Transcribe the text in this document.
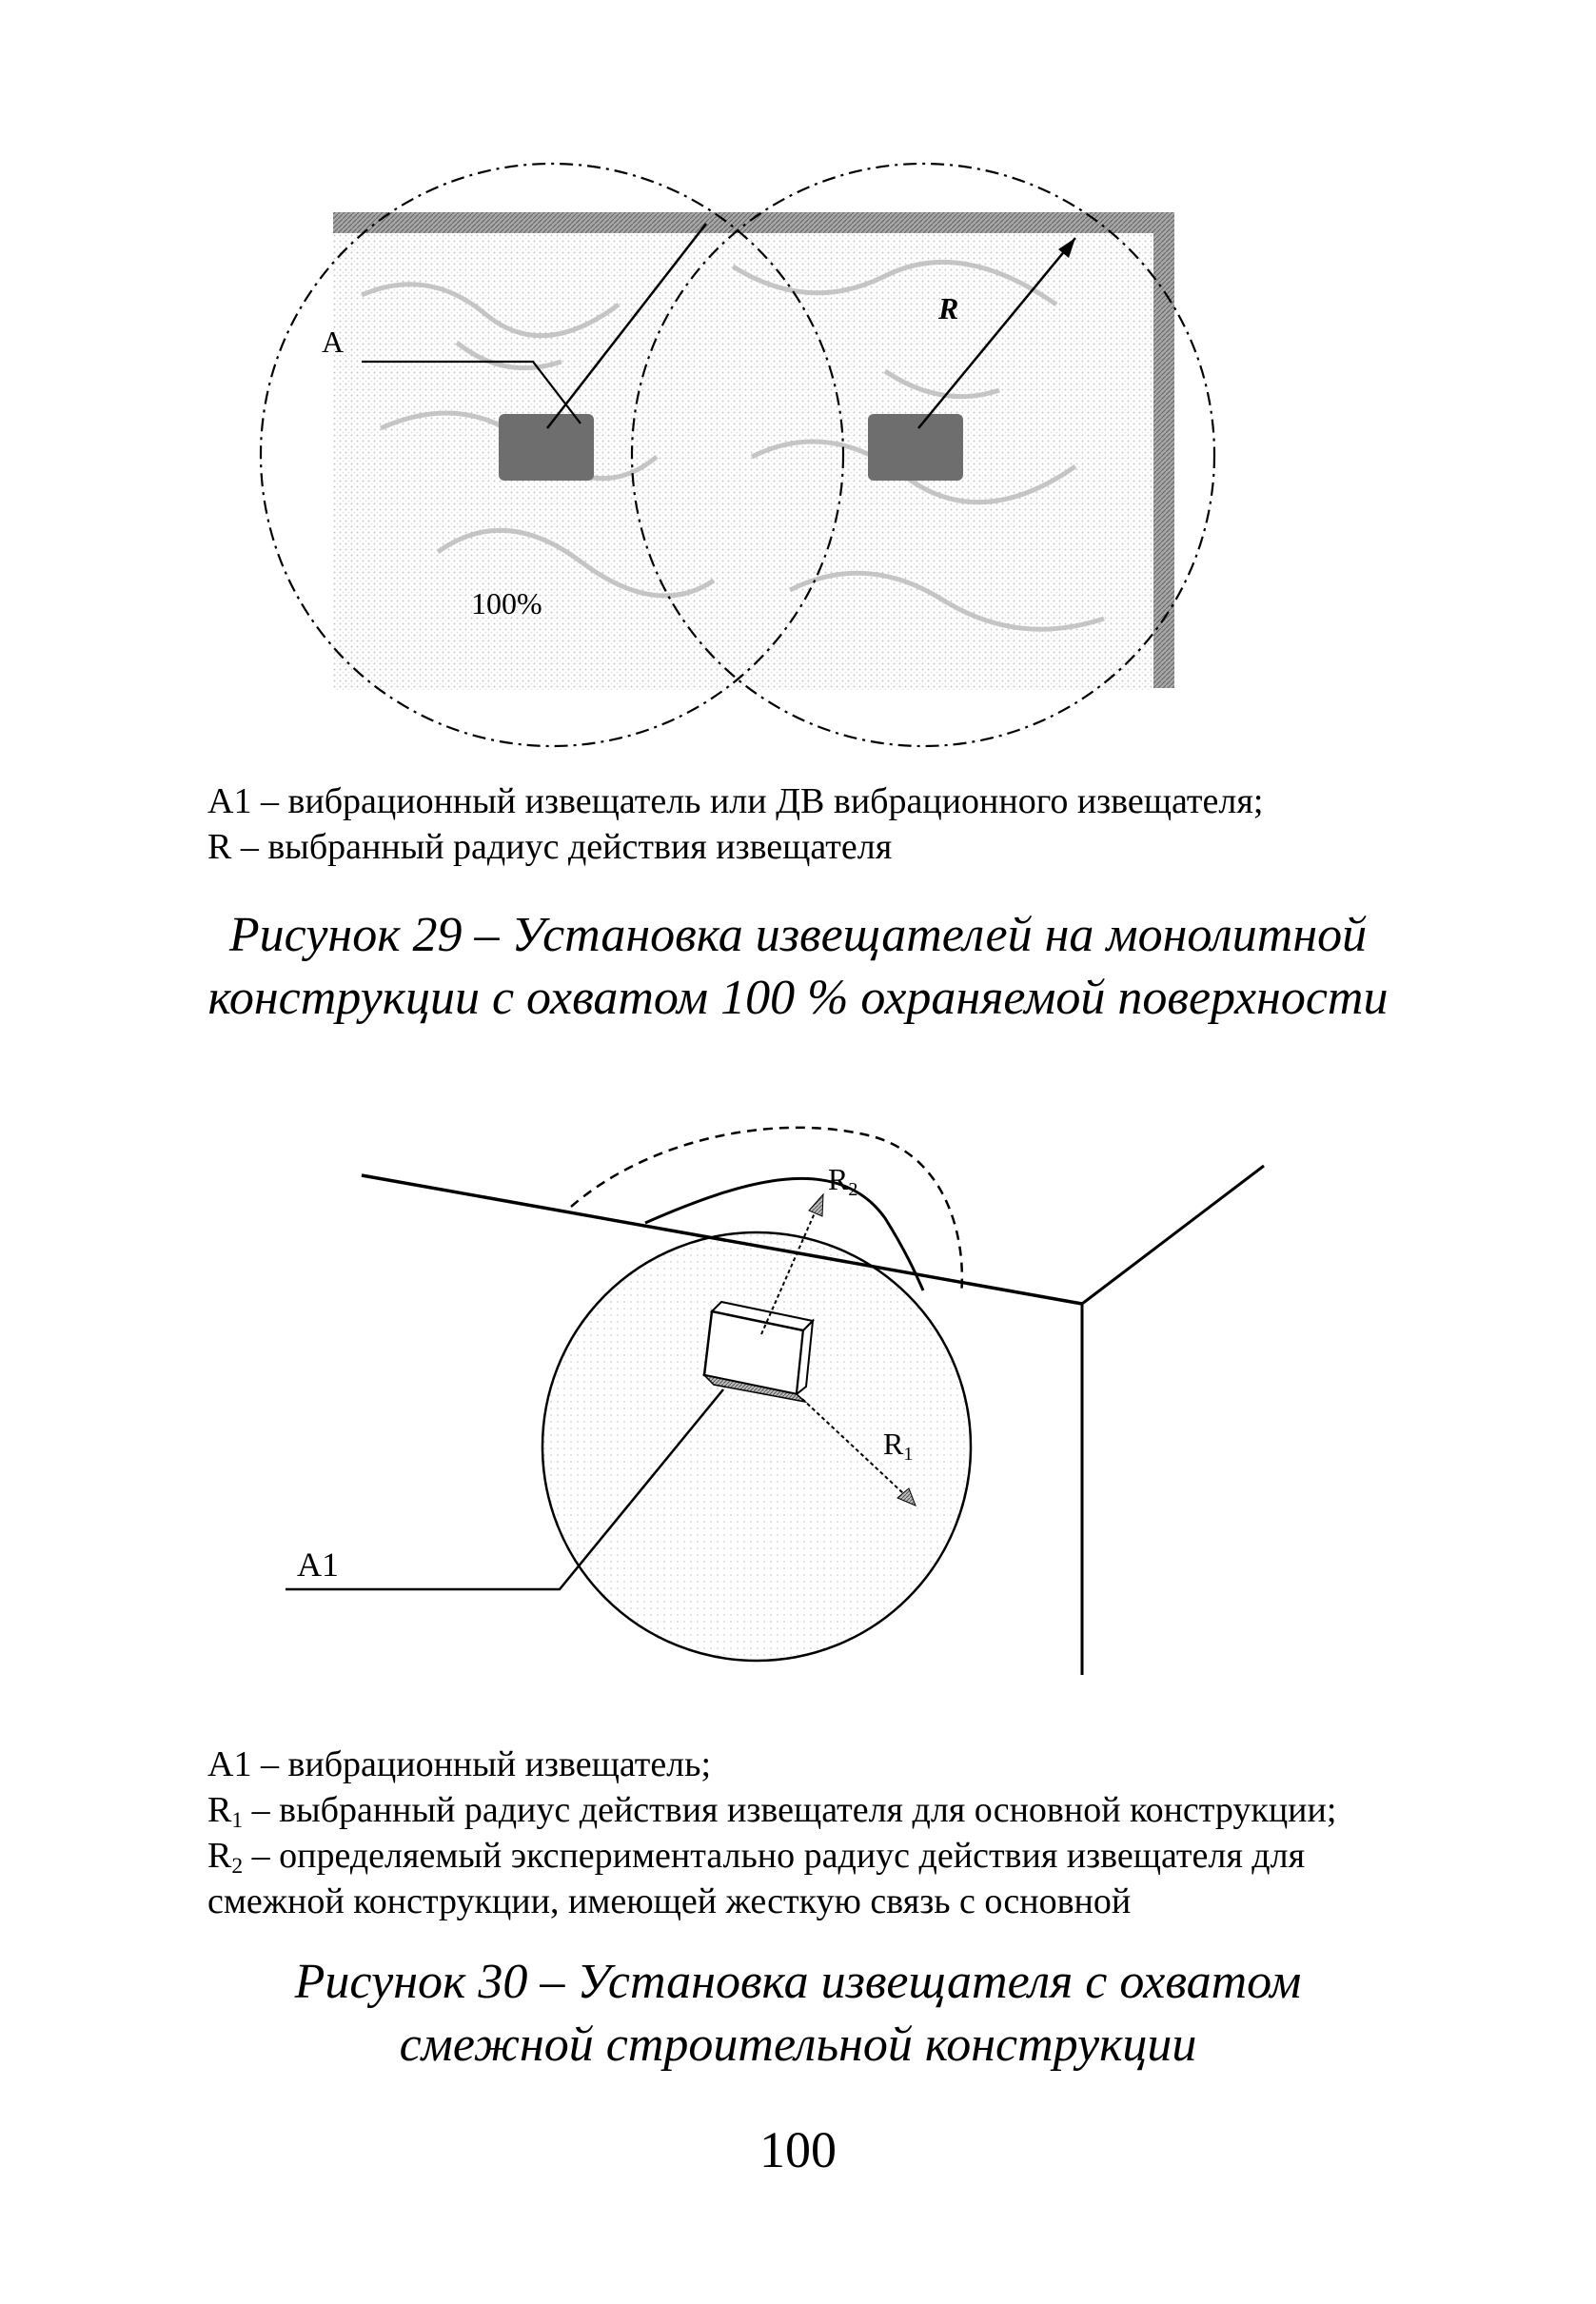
A
R
100%
A1 – вибрационный извещатель или ДВ вибрационного извещателя;
R – выбранный радиус действия извещателя
Рисунок 29 – Установка извещателей на монолитной
конструкции с охватом 100 % охраняемой поверхности
R2
R1
A1
A1 – вибрационный извещатель;
$R_1$ – выбранный радиус действия извещателя для основной конструкции;
$R_2$ – определяемый экспериментально радиус действия извещателя для
смежной конструкции, имеющей жесткую связь с основной
Рисунок 30 – Установка извещателя с охватом
смежной строительной конструкции
100
